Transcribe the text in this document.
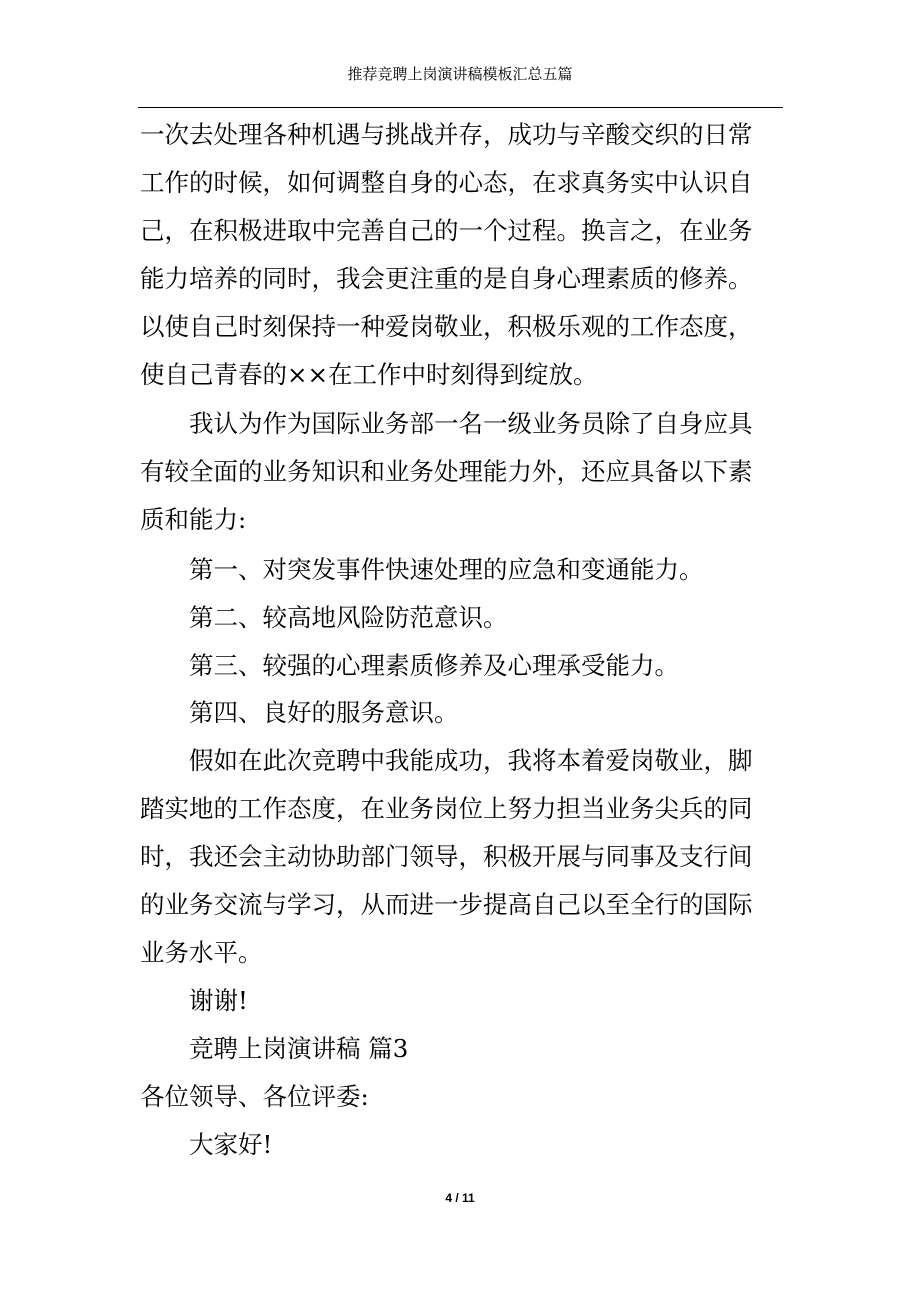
推荐竞聘上岗演讲稿模板汇总五篇
一次去处理各种机遇与挑战并存，成功与辛酸交织的日常
工作的时候，如何调整自身的心态，在求真务实中认识自
己，在积极进取中完善自己的一个过程。换言之，在业务
能力培养的同时，我会更注重的是自身心理素质的修养。
以使自己时刻保持一种爱岗敬业，积极乐观的工作态度，
使自己青春的××在工作中时刻得到绽放。
我认为作为国际业务部一名一级业务员除了自身应具
有较全面的业务知识和业务处理能力外，还应具备以下素
质和能力:
第一、对突发事件快速处理的应急和变通能力。
第二、较高地风险防范意识。
第三、较强的心理素质修养及心理承受能力。
第四、良好的服务意识。
假如在此次竞聘中我能成功，我将本着爱岗敬业，脚
踏实地的工作态度，在业务岗位上努力担当业务尖兵的同
时，我还会主动协助部门领导，积极开展与同事及支行间
的业务交流与学习，从而进一步提高自己以至全行的国际
业务水平。
谢谢!
竞聘上岗演讲稿 篇3
各位领导、各位评委:
大家好!
4 / 11
